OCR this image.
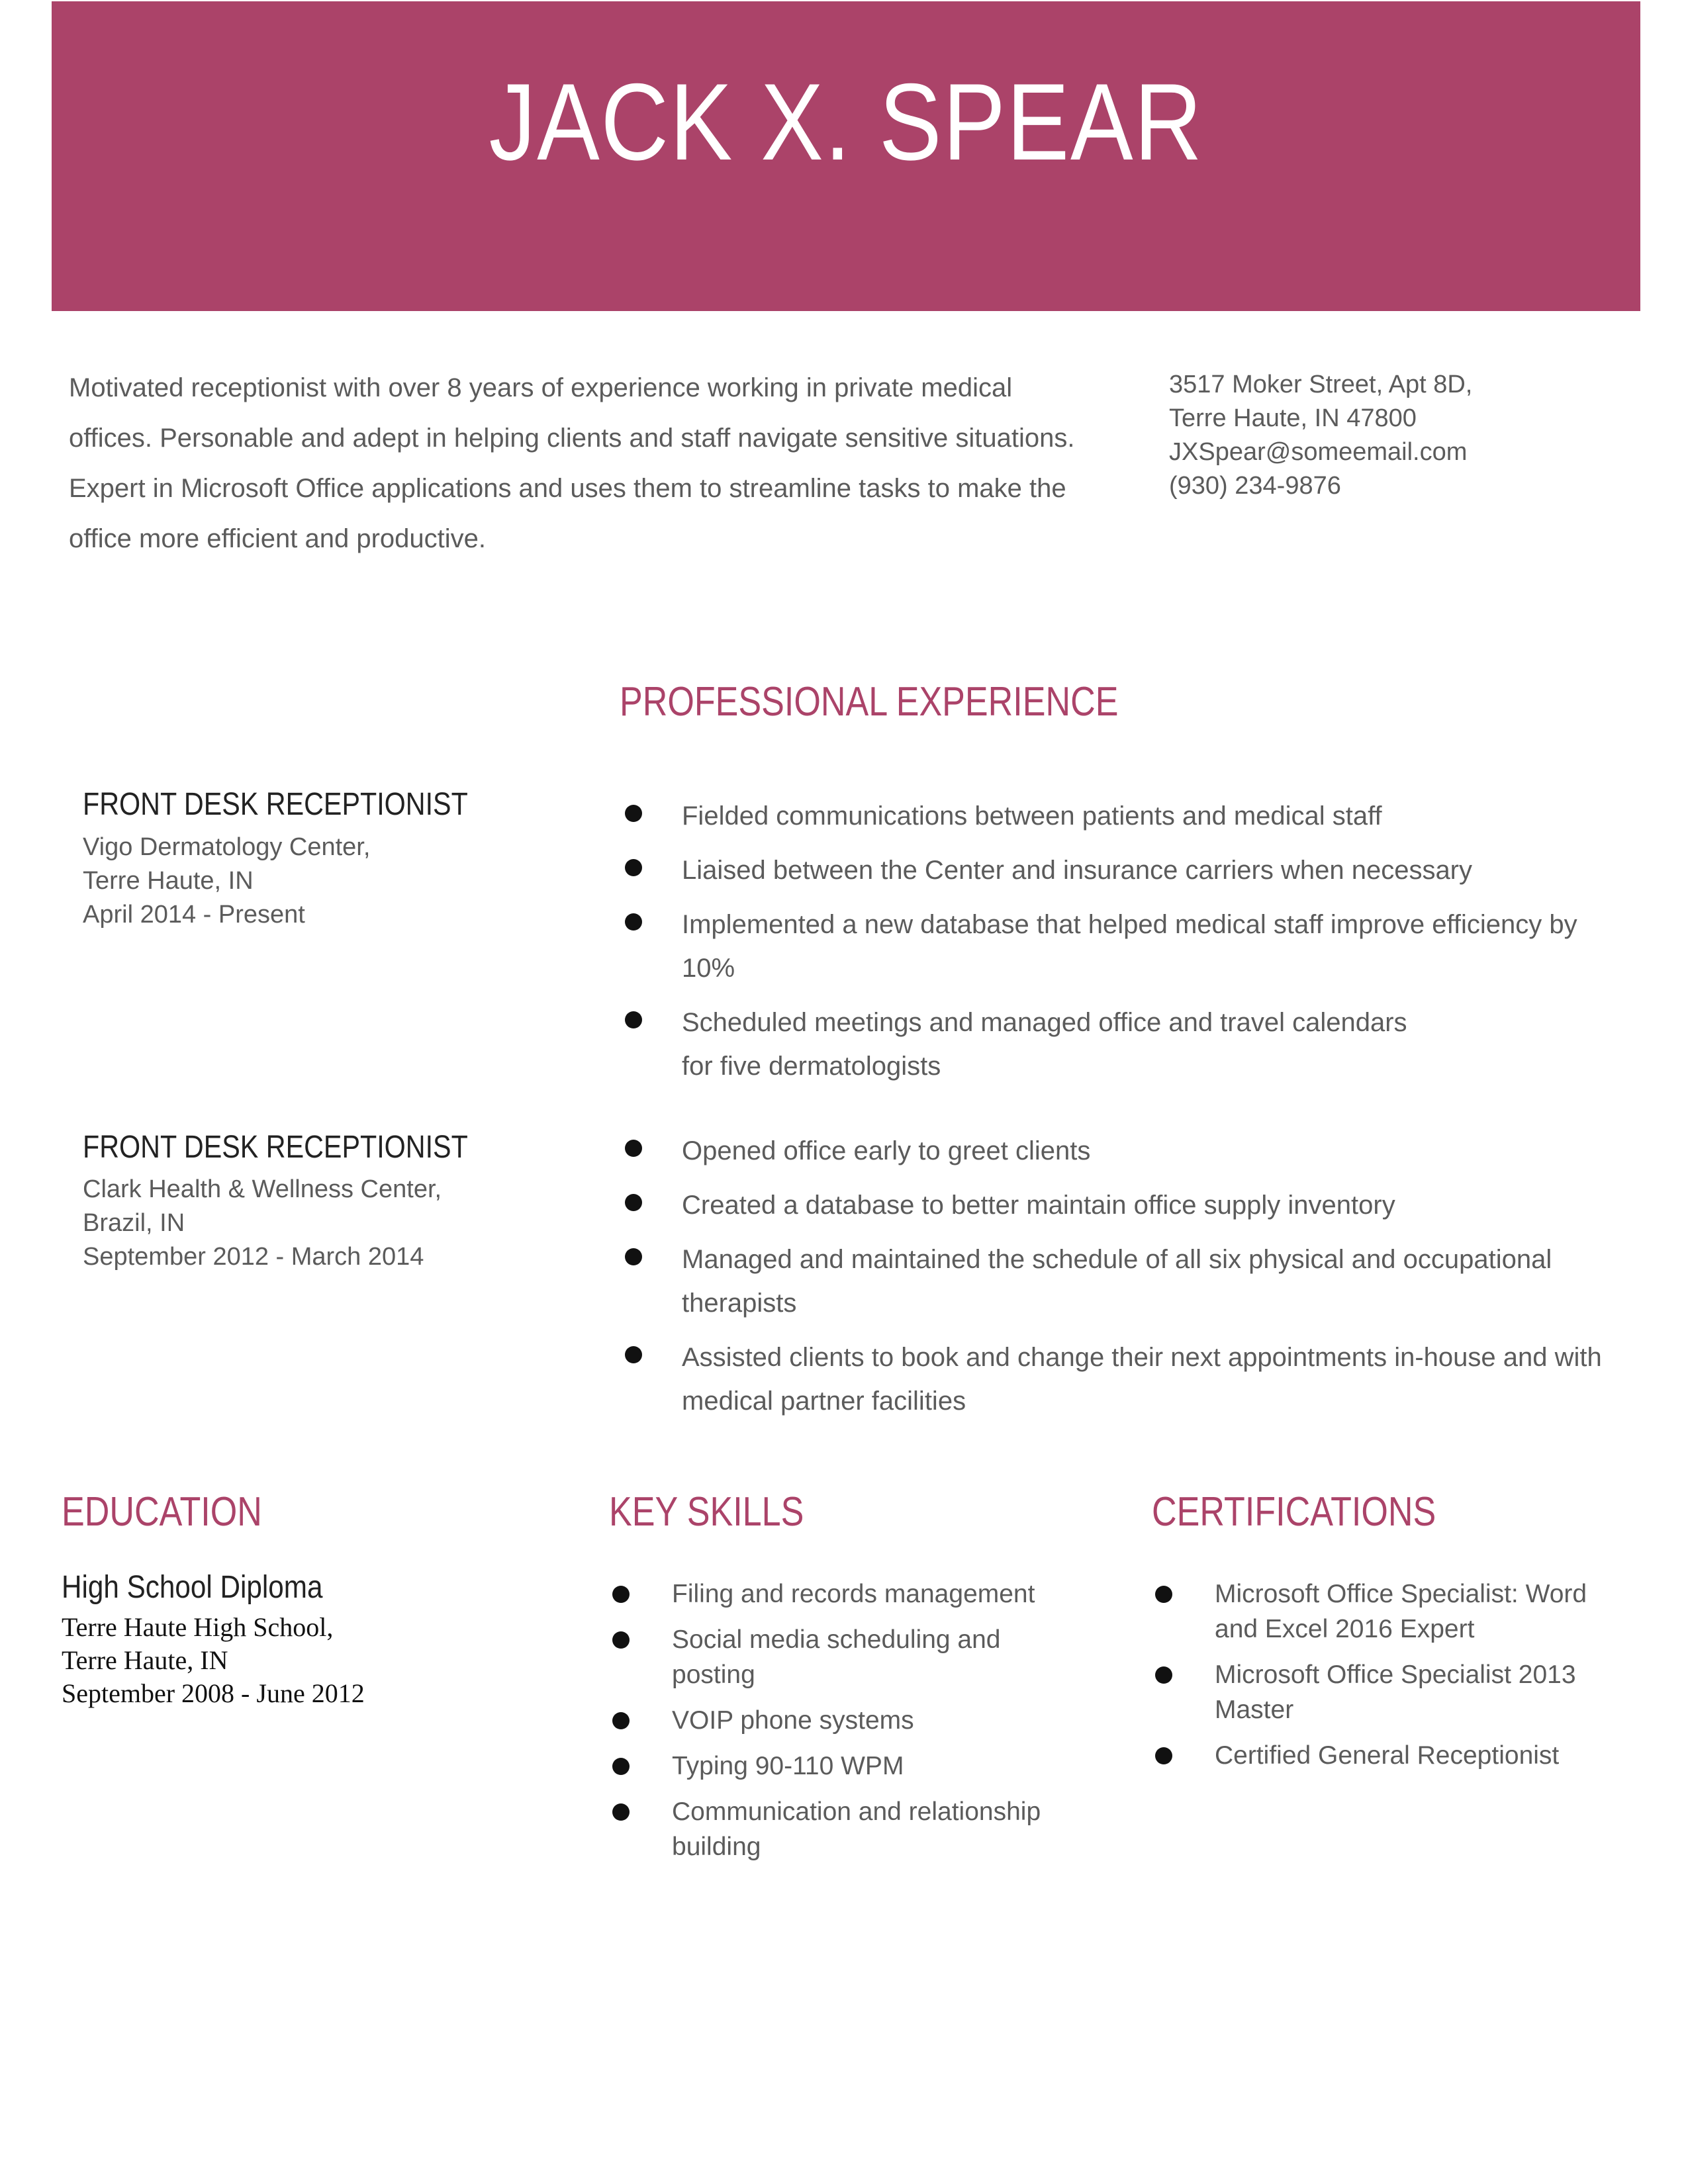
JACK X. SPEAR

Motivated receptionist with over 8 years of experience working in private medical offices. Personable and adept in helping clients and staff navigate sensitive situations. Expert in Microsoft Office applications and uses them to streamline tasks to make the office more efficient and productive.

3517 Moker Street, Apt 8D,
Terre Haute, IN 47800
JXSpear@someemail.com
(930) 234-9876
PROFESSIONAL EXPERIENCE
FRONT DESK RECEPTIONIST
Vigo Dermatology Center,
Terre Haute, IN
April 2014 - Present
Fielded communications between patients and medical staff
Liaised between the Center and insurance carriers when necessary
Implemented a new database that helped medical staff improve efficiency by 10%
Scheduled meetings and managed office and travel calendars for five dermatologists
FRONT DESK RECEPTIONIST
Clark Health & Wellness Center,
Brazil, IN
September 2012 - March 2014
Opened office early to greet clients
Created a database to better maintain office supply inventory
Managed and maintained the schedule of all six physical and occupational therapists
Assisted clients to book and change their next appointments in-house and with medical partner facilities
EDUCATION
High School Diploma
Terre Haute High School,
Terre Haute, IN
September 2008 - June 2012
KEY SKILLS
Filing and records management
Social media scheduling and posting
VOIP phone systems
Typing 90-110 WPM
Communication and relationship building
CERTIFICATIONS
Microsoft Office Specialist: Word and Excel 2016 Expert
Microsoft Office Specialist 2013 Master
Certified General Receptionist
